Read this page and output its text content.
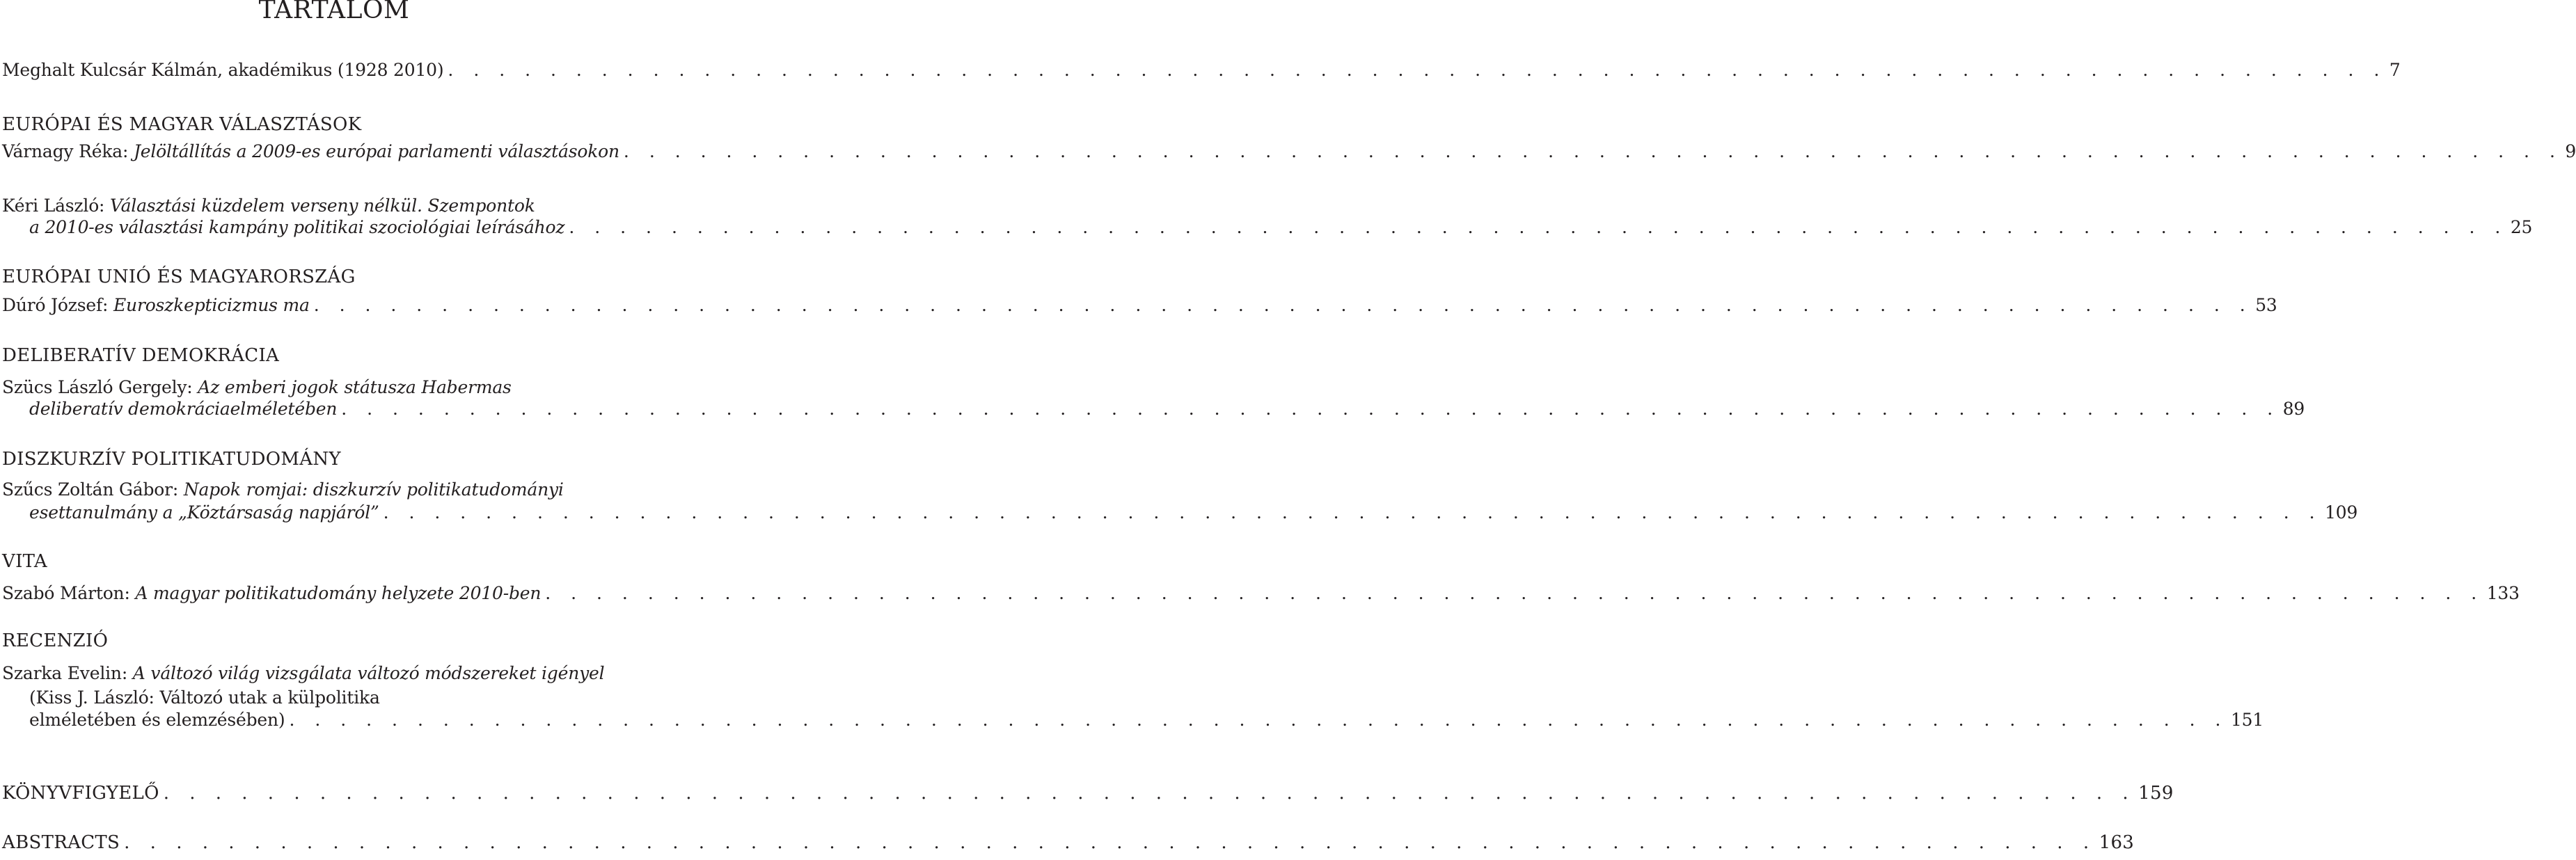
TARTALOM
Meghalt Kulcsár Kálmán, akadémikus (1928 2010) . . . . . . . . . . . . . . . . . . . . . . . . . . . . . . . . . . . . . . . . . . . . . . . . . . . . . . . . . . . . . . . . . . . . . . . . . . . . 7
EURÓPAI ÉS MAGYAR VÁLASZTÁSOK
Várnagy Réka: Jelöltállítás a 2009-es európai parlamenti választásokon . . . . . . . . . . . . . . . . . . . . . . . . . . . . . . . . . . . . . . . . . . . . . . . . . . . . . . . . . . . . . . . . . . . . . . . . . . . . 9
Kéri László: Választási küzdelem verseny nélkül. Szempontok
a 2010-es választási kampány politikai szociológiai leírásához . . . . . . . . . . . . . . . . . . . . . . . . . . . . . . . . . . . . . . . . . . . . . . . . . . . . . . . . . . . . . . . . . . . . . . . . . . . . 25
EURÓPAI UNIÓ ÉS MAGYARORSZÁG
Dúró József: Euroszkepticizmus ma . . . . . . . . . . . . . . . . . . . . . . . . . . . . . . . . . . . . . . . . . . . . . . . . . . . . . . . . . . . . . . . . . . . . . . . . . . . . 53
DELIBERATÍV DEMOKRÁCIA
Szücs László Gergely: Az emberi jogok státusza Habermas
deliberatív demokráciaelméletében . . . . . . . . . . . . . . . . . . . . . . . . . . . . . . . . . . . . . . . . . . . . . . . . . . . . . . . . . . . . . . . . . . . . . . . . . . . . 89
DISZKURZÍV POLITIKATUDOMÁNY
Szűcs Zoltán Gábor: Napok romjai: diszkurzív politikatudományi
esettanulmány a „Köztársaság napjáról” . . . . . . . . . . . . . . . . . . . . . . . . . . . . . . . . . . . . . . . . . . . . . . . . . . . . . . . . . . . . . . . . . . . . . . . . . . . . 109
VITA
Szabó Márton: A magyar politikatudomány helyzete 2010-ben . . . . . . . . . . . . . . . . . . . . . . . . . . . . . . . . . . . . . . . . . . . . . . . . . . . . . . . . . . . . . . . . . . . . . . . . . . . . 133
RECENZIÓ
Szarka Evelin: A változó világ vizsgálata változó módszereket igényel
(Kiss J. László: Változó utak a külpolitika
elméletében és elemzésében) . . . . . . . . . . . . . . . . . . . . . . . . . . . . . . . . . . . . . . . . . . . . . . . . . . . . . . . . . . . . . . . . . . . . . . . . . . . . 151
KÖNYVFIGYELŐ . . . . . . . . . . . . . . . . . . . . . . . . . . . . . . . . . . . . . . . . . . . . . . . . . . . . . . . . . . . . . . . . . . . . . . . . . . . . 159
ABSTRACTS . . . . . . . . . . . . . . . . . . . . . . . . . . . . . . . . . . . . . . . . . . . . . . . . . . . . . . . . . . . . . . . . . . . . . . . . . . . . 163
